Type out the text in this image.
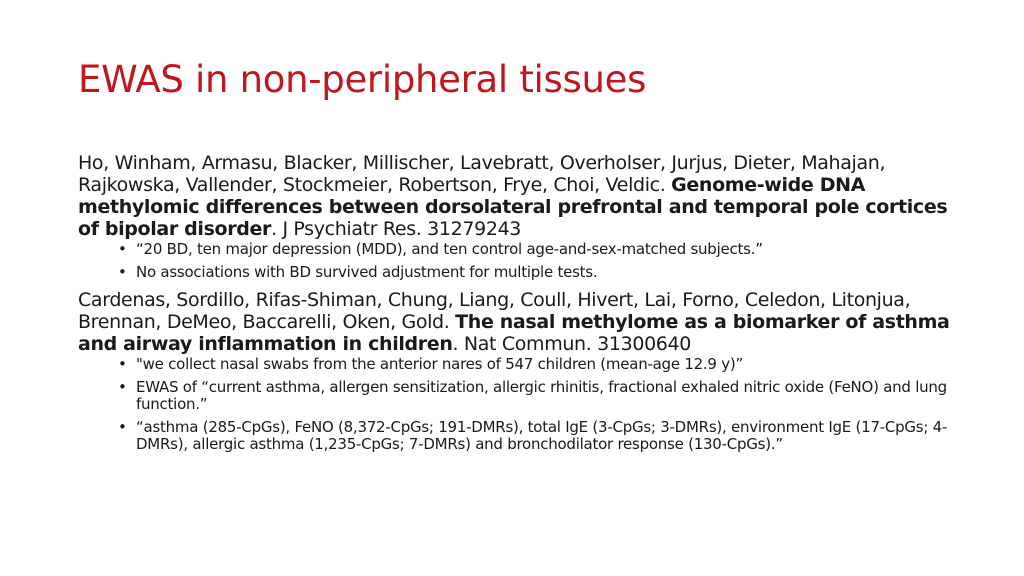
EWAS in non-peripheral tissues

Ho, Winham, Armasu, Blacker, Millischer, Lavebratt, Overholser, Jurjus, Dieter, Mahajan, Rajkowska, Vallender, Stockmeier, Robertson, Frye, Choi, Veldic. Genome-wide DNA methylomic differences between dorsolateral prefrontal and temporal pole cortices of bipolar disorder. J Psychiatr Res. 31279243

• “20 BD, ten major depression (MDD), and ten control age-and-sex-matched subjects.”
• No associations with BD survived adjustment for multiple tests.

Cardenas, Sordillo, Rifas-Shiman, Chung, Liang, Coull, Hivert, Lai, Forno, Celedon, Litonjua, Brennan, DeMeo, Baccarelli, Oken, Gold. The nasal methylome as a biomarker of asthma and airway inflammation in children. Nat Commun. 31300640

• "we collect nasal swabs from the anterior nares of 547 children (mean-age 12.9 y)”
• EWAS of “current asthma, allergen sensitization, allergic rhinitis, fractional exhaled nitric oxide (FeNO) and lung function.”
• “asthma (285-CpGs), FeNO (8,372-CpGs; 191-DMRs), total IgE (3-CpGs; 3-DMRs), environment IgE (17-CpGs; 4-DMRs), allergic asthma (1,235-CpGs; 7-DMRs) and bronchodilator response (130-CpGs).”
